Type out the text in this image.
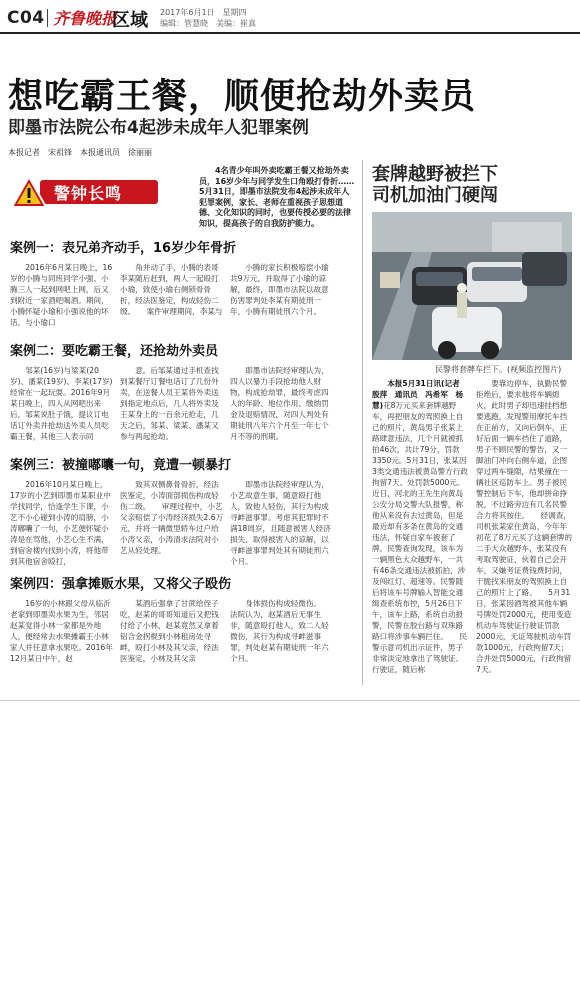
C04 齐鲁晚报
区域 2017年6月1日　星期四
编辑：管慧晓　美编：崔真
想吃霸王餐，顺便抢劫外卖员
即墨市法院公布4起涉未成年人犯罪案例
本报记者　宋祖锋　本报通讯员　徐丽丽
警钟长鸣
4名青少年叫外卖吃霸王餐又抢劫外卖员，16岁少年与同学发生口角殴打骨折……5月31日，即墨市法院发布4起涉未成年人犯罪案例，家长、老师在重视孩子思想道德、文化知识的同时，也要传授必要的法律知识，提高孩子的自我防护能力。
案例一：表兄弟齐动手，16岁少年骨折
2016年6月某日晚上，16岁的小腾与同班同学小强、小腾三人一起到网吧上网，后又到附近一家酒吧喝酒。期间，小腾怀疑小瑜和小强说他的坏话，与小瑜口
角并动了手，小腾的表哥李某随后赶到，两人一起殴打小瑜，致使小瑜右侧锁骨骨折，经法医鉴定，构成轻伤二级。　　案件审理期间，李某与
小腾的家长积极赔偿小瑜共9万元，并取得了小瑜的谅解，最终，即墨市法院以故意伤害罪判处李某有期徒刑一年，小腾有期徒刑六个月。
案例二：要吃霸王餐，还抢劫外卖员
邹某(16岁)与梁某(20岁)、潘某(19岁)、李某(17岁)经常在一起玩耍。2016年9月某日晚上，四人从网吧出来后，邹某说肚子饿，提议订电话订外卖并抢劫送外卖人员吃霸王餐，其他三人表示同
意。后邹某通过手机查找到某餐厅订餐电话订了几份外卖，在送餐人员王某将外卖送到指定地点后，几人将外卖及王某身上的一百余元抢走，几天之后，邹某、梁某、潘某又参与两起抢劫。
即墨市法院经审理认为，四人以暴力手段抢劫他人财物，构成抢劫罪，最终考虑四人的年龄、地位作用、缴纳罚金及退赔情况，对四人判处有期徒刑八年六个月至一年七个月不等的刑期。
案例三：被撞嘟囔一句，竟遭一顿暴打
2016年10月某日晚上，17岁的小艺到即墨市某职业中学找同学，恰逢学生下课，小艺不小心碰到小涛的肩膀，小涛嘟囔了一句，小艺便怀疑小涛是在骂他，小艺心生不满，到宿舍楼内找到小涛，将他带到其他宿舍殴打，
致其双侧鼻骨骨折，经法医鉴定，小涛面部损伤构成轻伤二级。　　审理过程中，小艺父亲赔偿了小涛经济损失2.6万元，并将一辆微型轿车过户给小涛父亲，小涛清求法院对小艺从轻处理。
即墨市法院经审理认为，小艺故意生事，随意殴打他人，致他人轻伤，其行为构成寻衅滋事罪。考虑其犯罪时不满18周岁，且随意被害人经济损失、取得被害人的谅解，以寻衅滋事罪判处其有期徒刑六个月。
案例四：强拿摊贩水果，又将父子殴伤
16岁的小林跟父母从临沂老家到即墨卖水果为生，邻居赵某觉得小林一家都是外地人，便经常去水果摊霸王小林家人并任意拿水果吃。2016年12月某日中午，赵
某酒后强拿了甘蔗给侄子吃，赵某的哥哥知道后又把钱付给了小林，赵某竟然又拿着铝合金拐棍到小林租房处寻衅，殴打小林及其父亲，经法医鉴定，小林及其父亲
身体损伤构成轻微伤。　　法院认为，赵某酒后无事生非，随意殴打他人，致二人轻微伤，其行为构成寻衅滋事罪，判处赵某有期徒刑一年六个月。
套牌越野被拦下
司机加油门硬闯
民警将套牌车拦下。(视频监控图片)
本报5月31日讯(记者　殷萍　通讯员　冯希军　杨慧)花8万元买来套牌越野车，再把朋友的驾照换上自己的照片，黄岛男子张某上路肆意违法，几个月就被抓拍46次，共计79分，罚款3350元。5月31日，张某因3类交通违法被黄岛警方行政拘留7天、处罚款5000元。　　近日，河北的王先生向黄岛公安分局交警大队报警，称他从来没有去过黄岛，但是最近却有多条在黄岛的交通违法，怀疑自家车被套了牌。民警查询发现，该车为一辆黑色大众越野车，一共有46条交通违法被抓拍，涉及闯红灯、超速等。民警随后将该车号牌输入智能交通缉查系统布控，5月26日下午，该车上路，系统自动报警，民警在胶台路与双珠路路口将涉事车辆拦住。　　民警示意司机出示证件，男子非常淡定地拿出了驾驶证、行驶证，随后称
要靠边停车，执勤民警拒绝后，要求他将车辆熄火，此时男子却迅速挂档想要逃跑，发现警用摩托车挡在正前方，又向后倒车，正好后面一辆车挡住了道路，男子不顾民警的警告，又一脚油门冲向右侧车道，企图穿过两车缝隙，结果撞在一辆社区巡防车上。男子被民警控制后下车，他却拼命挣脱，不过路旁边有几名民警合力将其按住。　　经调查，司机张某家住黄岛，今年年初花了8万元买了这辆套牌的二手大众越野车，张某没有考取驾驶证，伙着自己会开车，又嫌考证费钱费时间，干脆找来朋友的驾照换上自己的照片上了路。　　5月31日，张某因酒驾被其他车辆号牌处罚2000元，使用变造机动车驾驶证行驶证罚款2000元，无证驾驶机动车罚款1000元，行政拘留7天；合并处罚5000元，行政拘留7天。
